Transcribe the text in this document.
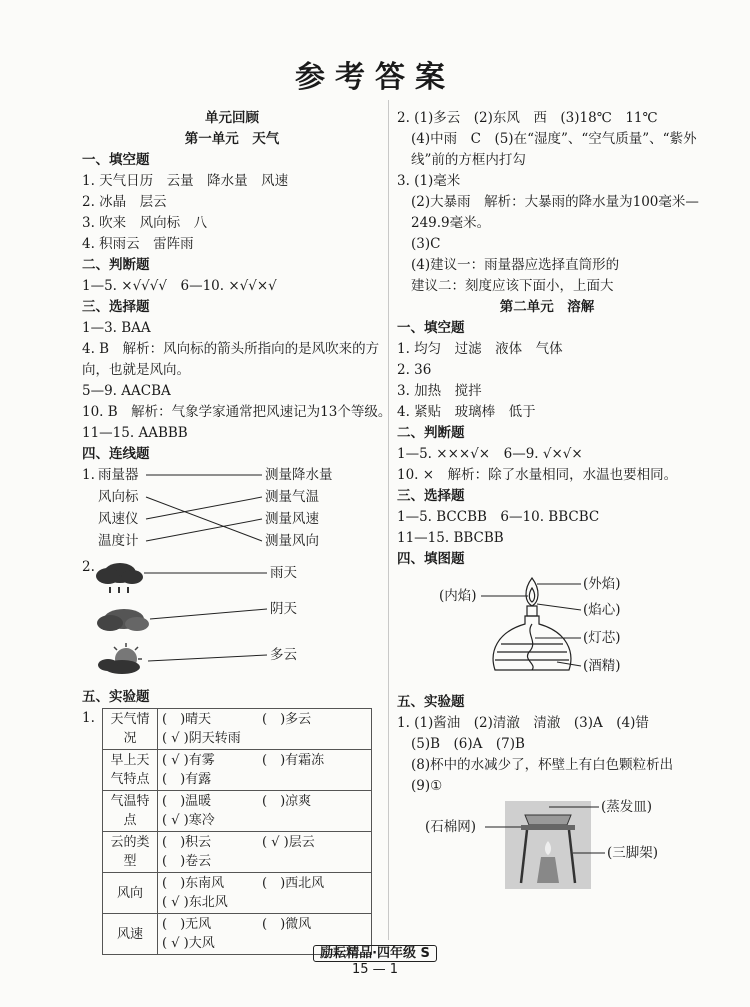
参考答案
单元回顾
第一单元　天气
一、填空题
1. 天气日历　云量　降水量　风速
2. 冰晶　层云
3. 吹来　风向标　八
4. 积雨云　雷阵雨
二、判断题
1—5. ×√√√√　6—10. ×√√×√
三、选择题
1—3. BAA
4. B　解析：风向标的箭头所指向的是风吹来的方
向，也就是风向。
5—9. AACBA
10. B　解析：气象学家通常把风速记为13个等级。
11—15. AABBB
四、连线题
1. 雨量器
风向标
风速仪
温度计
测量降水量
测量气温
测量风速
测量风向
2.	雨天
阴天
多云
五、实验题
1. 天气情况	(　)晴天 (　)多云
( √ )阴天转雨
早上天气特点	( √ )有雾 (　)有霜冻
(　)有露
气温特点	(　)温暖 (　)凉爽
( √ )寒冷
云的类型	(　)积云 ( √ )层云
(　)卷云
风向	(　)东南风 (　)西北风
( √ )东北风
风速	(　)无风 (　)微风
( √ )大风
2. (1)多云　(2)东风　西　(3)18℃　11℃
(4)中雨　C　(5)在“湿度”、“空气质量”、“紫外
线”前的方框内打勾
3. (1)毫米
(2)大暴雨　解析：大暴雨的降水量为100毫米—
249.9毫米。
(3)C
(4)建议一：雨量器应选择直筒形的
建议二：刻度应该下面小，上面大
第二单元　溶解
一、填空题
1. 均匀　过滤　液体　气体
2. 36
3. 加热　搅拌
4. 紧贴　玻璃棒　低于
二、判断题
1—5. ×××√×　6—9. √×√×
10. ×　解析：除了水量相同，水温也要相同。
三、选择题
1—5. BCCBB　6—10. BBCBC
11—15. BBCBB
四、填图题
(外焰)
(内焰)
(焰心)
(灯芯)
(酒精)
五、实验题
1. (1)酱油　(2)清澈　清澈　(3)A　(4)错
(5)B　(6)A　(7)B
(8)杯中的水减少了，杯壁上有白色颗粒析出
(9)①
(蒸发皿)
(石棉网)
(三脚架)
励耘精品·四年级 S
15 — 1
